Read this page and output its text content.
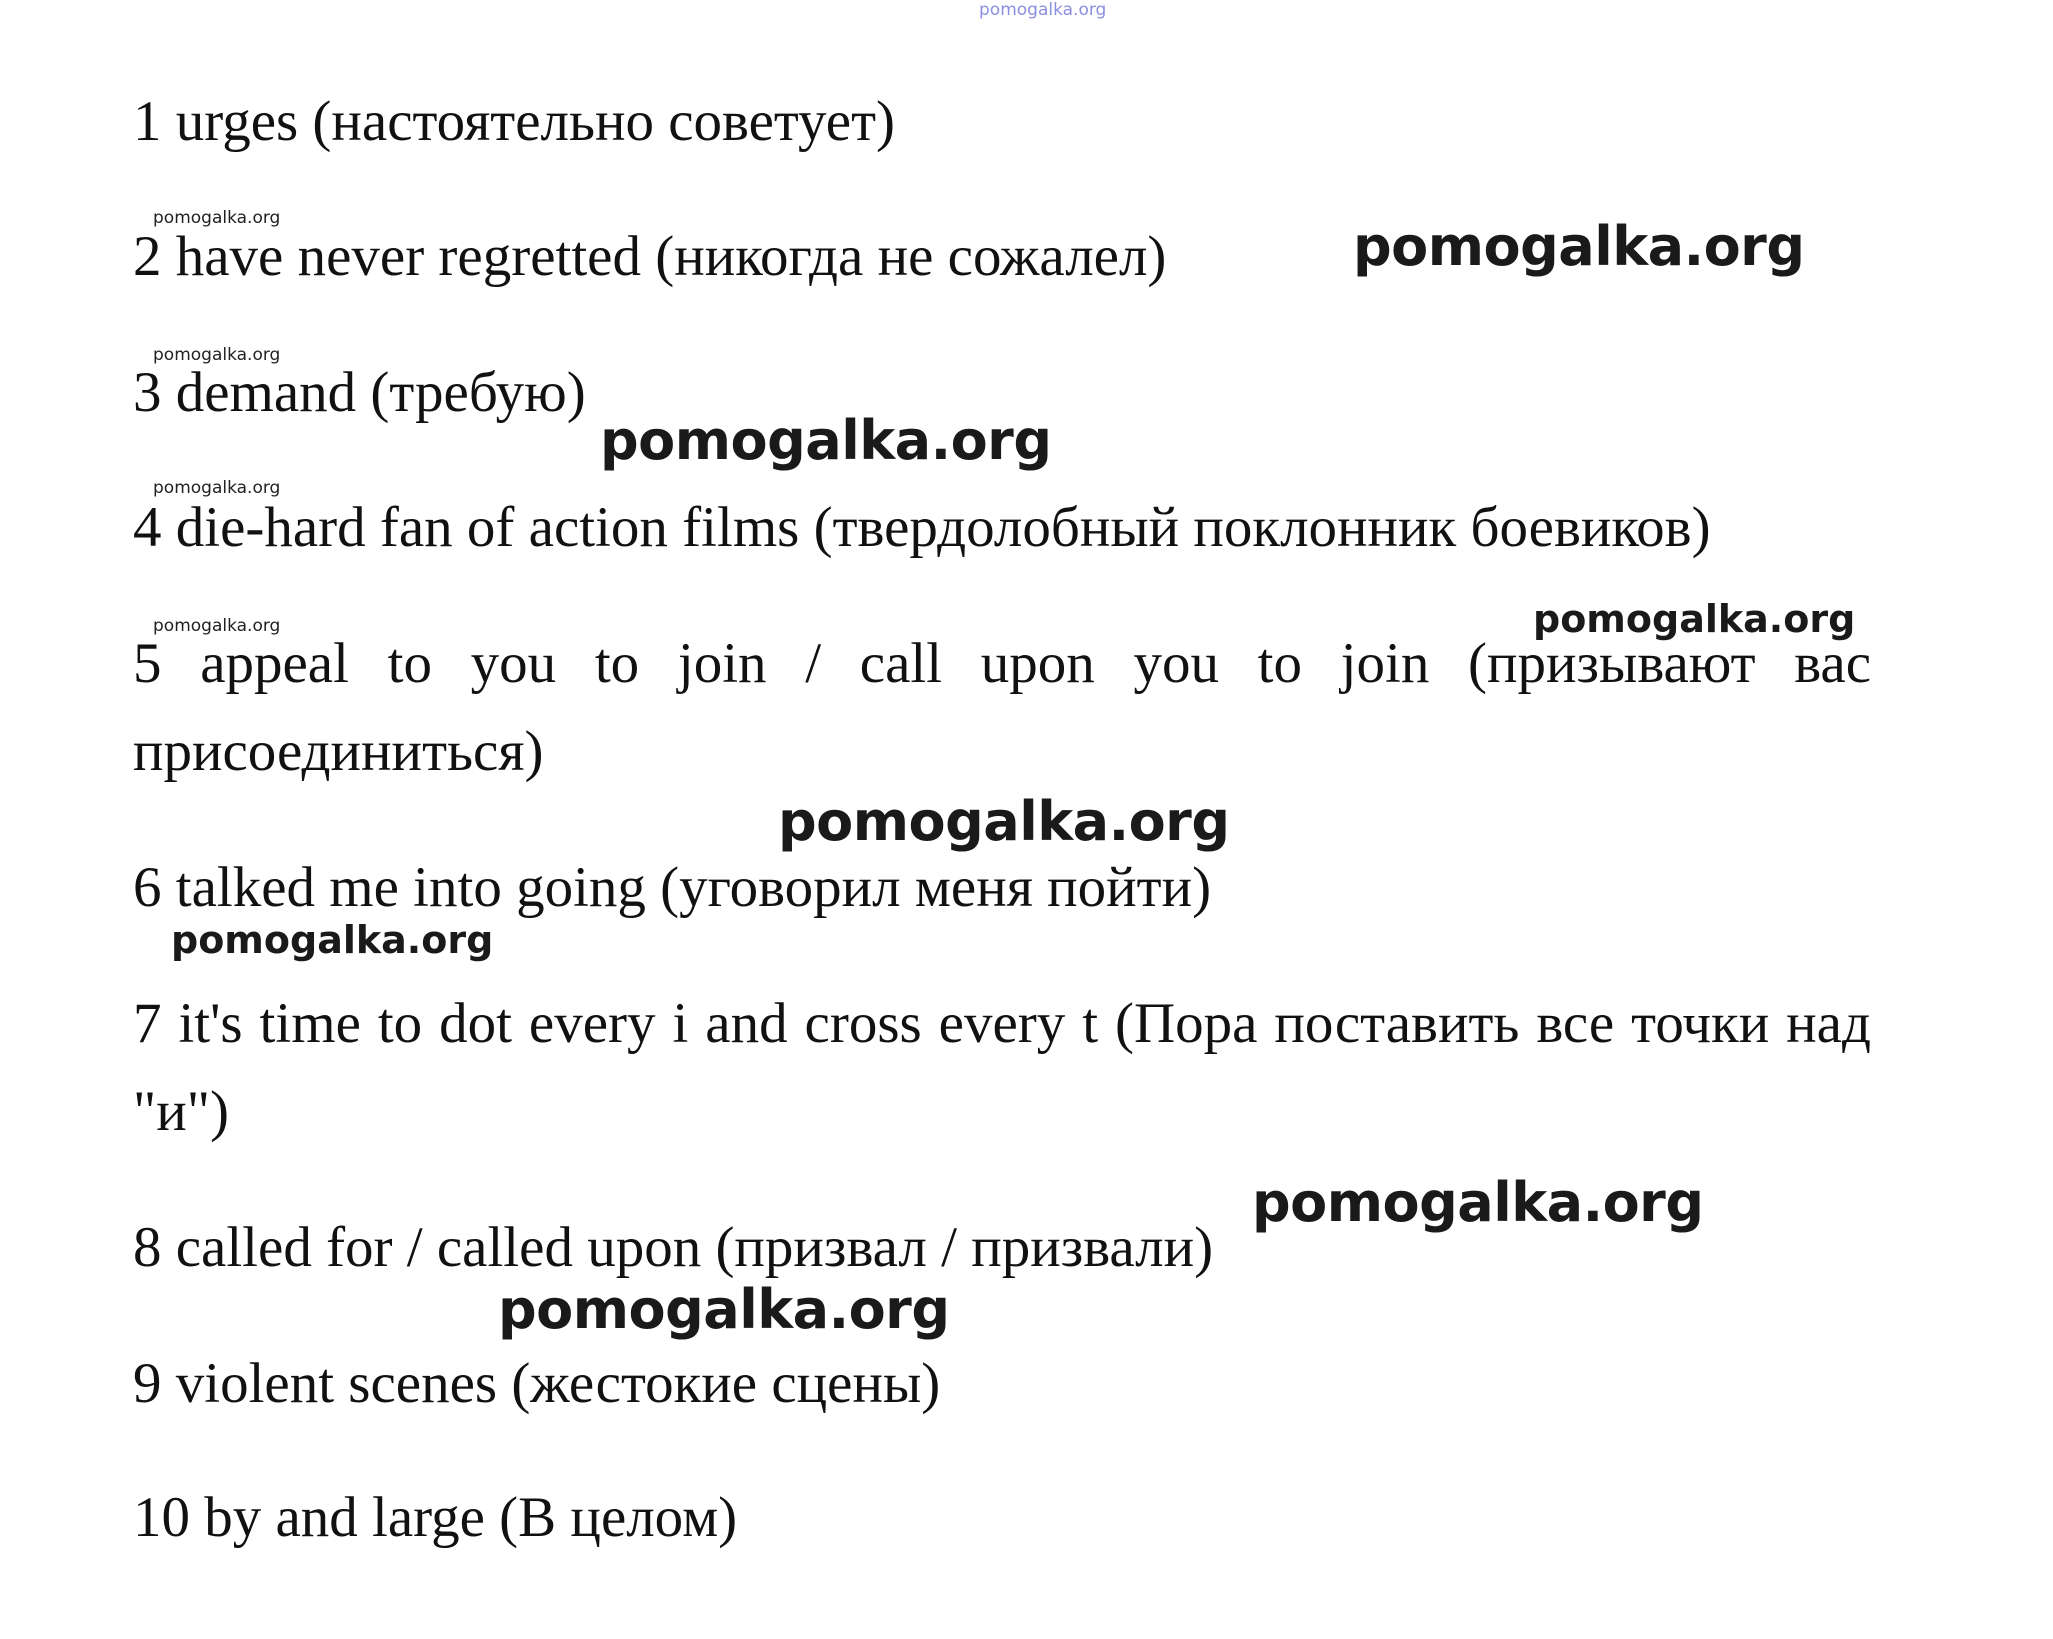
pomogalka.org

1 urges (настоятельно советует)

pomogalka.org

2 have never regretted (никогда не сожалел)	pomogalka.org
pomogalka.org

3 demand (требую)

pomogalka.org
pomogalka.org

4 die-hard fan of action films (твердолобный поклонник боевиков)

pomogalka.org	pomogalka.org

5 appeal to you to join / call upon you to join (призывают вас присоединиться)

pomogalka.org

6 talked me into going (уговорил меня пойти)

pomogalka.org

7 it's time to dot every i and cross every t (Пора поставить все точки над "и")

pomogalka.org

8 called for / called upon (призвал / призвали)

pomogalka.org

9 violent scenes (жестокие сцены)

10 by and large (В целом)
